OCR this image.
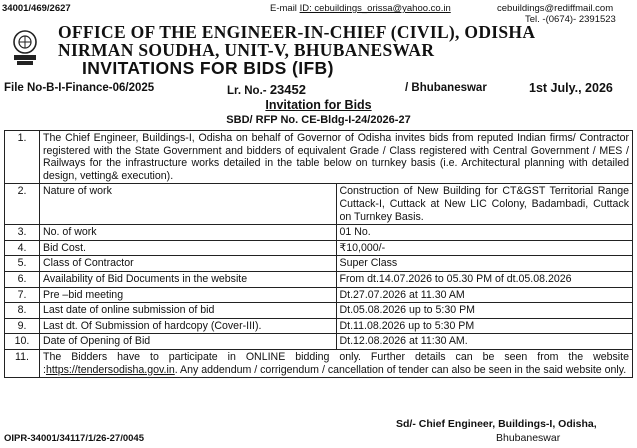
34001/469/2627	E-mail ID: cebuildings_orissa@yahoo.co.in	cebuildings@rediffmail.com
Tel. -(0674)- 2391523
OFFICE OF THE ENGINEER-IN-CHIEF (CIVIL), ODISHA
NIRMAN SOUDHA, UNIT-V, BHUBANESWAR
INVITATIONS FOR BIDS (IFB)
File No-B-I-Finance-06/2025	Lr. No.- 23452	/ Bhubaneswar	1st July., 2026
Invitation for Bids
SBD/ RFP No. CE-Bldg-I-24/2026-27
1.	The Chief Engineer, Buildings-I, Odisha on behalf of Governor of Odisha invites bids from reputed Indian firms/ Contractor registered with the State Government and bidders of equivalent Grade / Class registered with Central Government / MES / Railways for the infrastructure works detailed in the table below on turnkey basis (i.e. Architectural planning with detailed design, vetting& execution).	
2.	Nature of work	Construction of New Building for CT&GST Territorial Range Cuttack-I, Cuttack at New LIC Colony, Badambadi, Cuttack on Turnkey Basis.
3.	No. of work	01 No.
4.	Bid Cost.	₹10,000/-
5.	Class of Contractor	Super Class
6.	Availability of Bid Documents in the website	From dt.14.07.2026 to 05.30 PM of dt.05.08.2026
7.	Pre –bid meeting	Dt.27.07.2026 at 11.30 AM
8.	Last date of online submission of bid	Dt.05.08.2026 up to 5:30 PM
9.	Last dt. Of Submission of hardcopy (Cover-III).	Dt.11.08.2026 up to 5:30 PM
10.	Date of Opening of Bid	Dt.12.08.2026 at 11:30 AM.
11.	The Bidders have to participate in ONLINE bidding only. Further details can be seen from the website :https://tendersodisha.gov.in. Any addendum / corrigendum / cancellation of tender can also be seen in the said website only.	
Sd/- Chief Engineer, Buildings-I, Odisha,
Bhubaneswar
OIPR-34001/34117/1/26-27/0045
